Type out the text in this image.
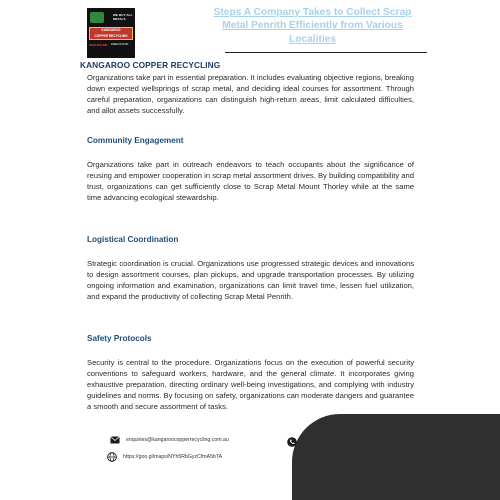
WE BUY ALL METALS
KANGAROO
COPPER RECYCLING
0499 200 200 FREE PICKUP
Steps A Company Takes to Collect Scrap Metal Penrith Efficiently from Various Localities
KANGAROO COPPER RECYCLING

Organizations take part in essential preparation. It includes evaluating objective regions, breaking down expected wellsprings of scrap metal, and deciding ideal courses for assortment. Through careful preparation, organizations can distinguish high-return areas, limit calculated difficulties, and allot assets successfully.

Community Engagement

Organizations take part in outreach endeavors to teach occupants about the significance of reusing and empower cooperation in scrap metal assortment drives. By building compatibility and trust, organizations can get sufficiently close to Scrap Metal Mount Thorley while at the same time advancing ecological stewardship.

Logistical Coordination

Strategic coordination is crucial. Organizations use progressed strategic devices and innovations to design assortment courses, plan pickups, and upgrade transportation processes. By utilizing ongoing information and examination, organizations can limit travel time, lessen fuel utilization, and expand the productivity of collecting Scrap Metal Penrith.

Safety Protocols

Security is central to the procedure. Organizations focus on the execution of powerful security conventions to safeguard workers, hardware, and the general climate. It incorporates giving exhaustive preparation, directing ordinary well-being investigations, and complying with industry guidelines and norms. By focusing on safety, organizations can moderate dangers and guarantee a smooth and secure assortment of tasks.

enquiries@kangaroocopperrecycling.com.au	0499 200 200
https://goo.gl/maps/NYh5RbGyzCfmA5bTA
